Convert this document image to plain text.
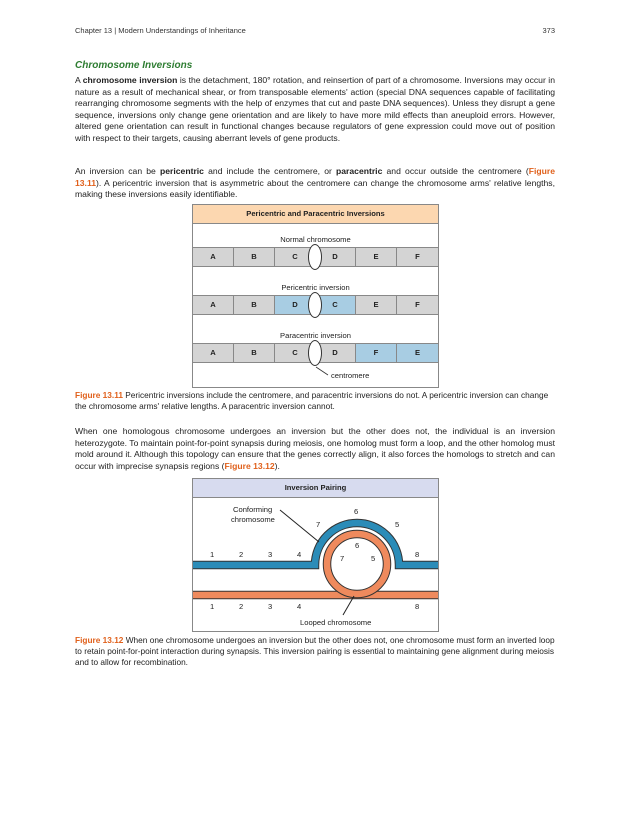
Chapter 13 | Modern Understandings of Inheritance	373
Chromosome Inversions

A chromosome inversion is the detachment, 180° rotation, and reinsertion of part of a chromosome. Inversions may occur in nature as a result of mechanical shear, or from transposable elements' action (special DNA sequences capable of facilitating rearranging chromosome segments with the help of enzymes that cut and paste DNA sequences). Unless they disrupt a gene sequence, inversions only change gene orientation and are likely to have more mild effects than aneuploid errors. However, altered gene orientation can result in functional changes because regulators of gene expression could move out of position with respect to their targets, causing aberrant levels of gene products.

An inversion can be pericentric and include the centromere, or paracentric and occur outside the centromere (Figure 13.11). A pericentric inversion that is asymmetric about the centromere can change the chromosome arms' relative lengths, making these inversions easily identifiable.

Pericentric and Paracentric Inversions
Normal chromosome
A	B	C	D	E	F
Pericentric inversion
A	B	D	C	E	F
Paracentric inversion
A	B	C	D	F	E
centromere

Figure 13.11 Pericentric inversions include the centromere, and paracentric inversions do not. A pericentric inversion can change the chromosome arms' relative lengths. A paracentric inversion cannot.

When one homologous chromosome undergoes an inversion but the other does not, the individual is an inversion heterozygote. To maintain point-for-point synapsis during meiosis, one homolog must form a loop, and the other homolog must mold around it. Although this topology can ensure that the genes correctly align, it also forces the homologs to stretch and can occur with imprecise synapsis regions (Figure 13.12).

Inversion Pairing
Conforming
chromosome
1	2	3	4	8
7
6
5
7
6
5
1	2	3	4	8
Looped chromosome

Figure 13.12 When one chromosome undergoes an inversion but the other does not, one chromosome must form an inverted loop to retain point-for-point interaction during synapsis. This inversion pairing is essential to maintaining gene alignment during meiosis and to allow for recombination.
